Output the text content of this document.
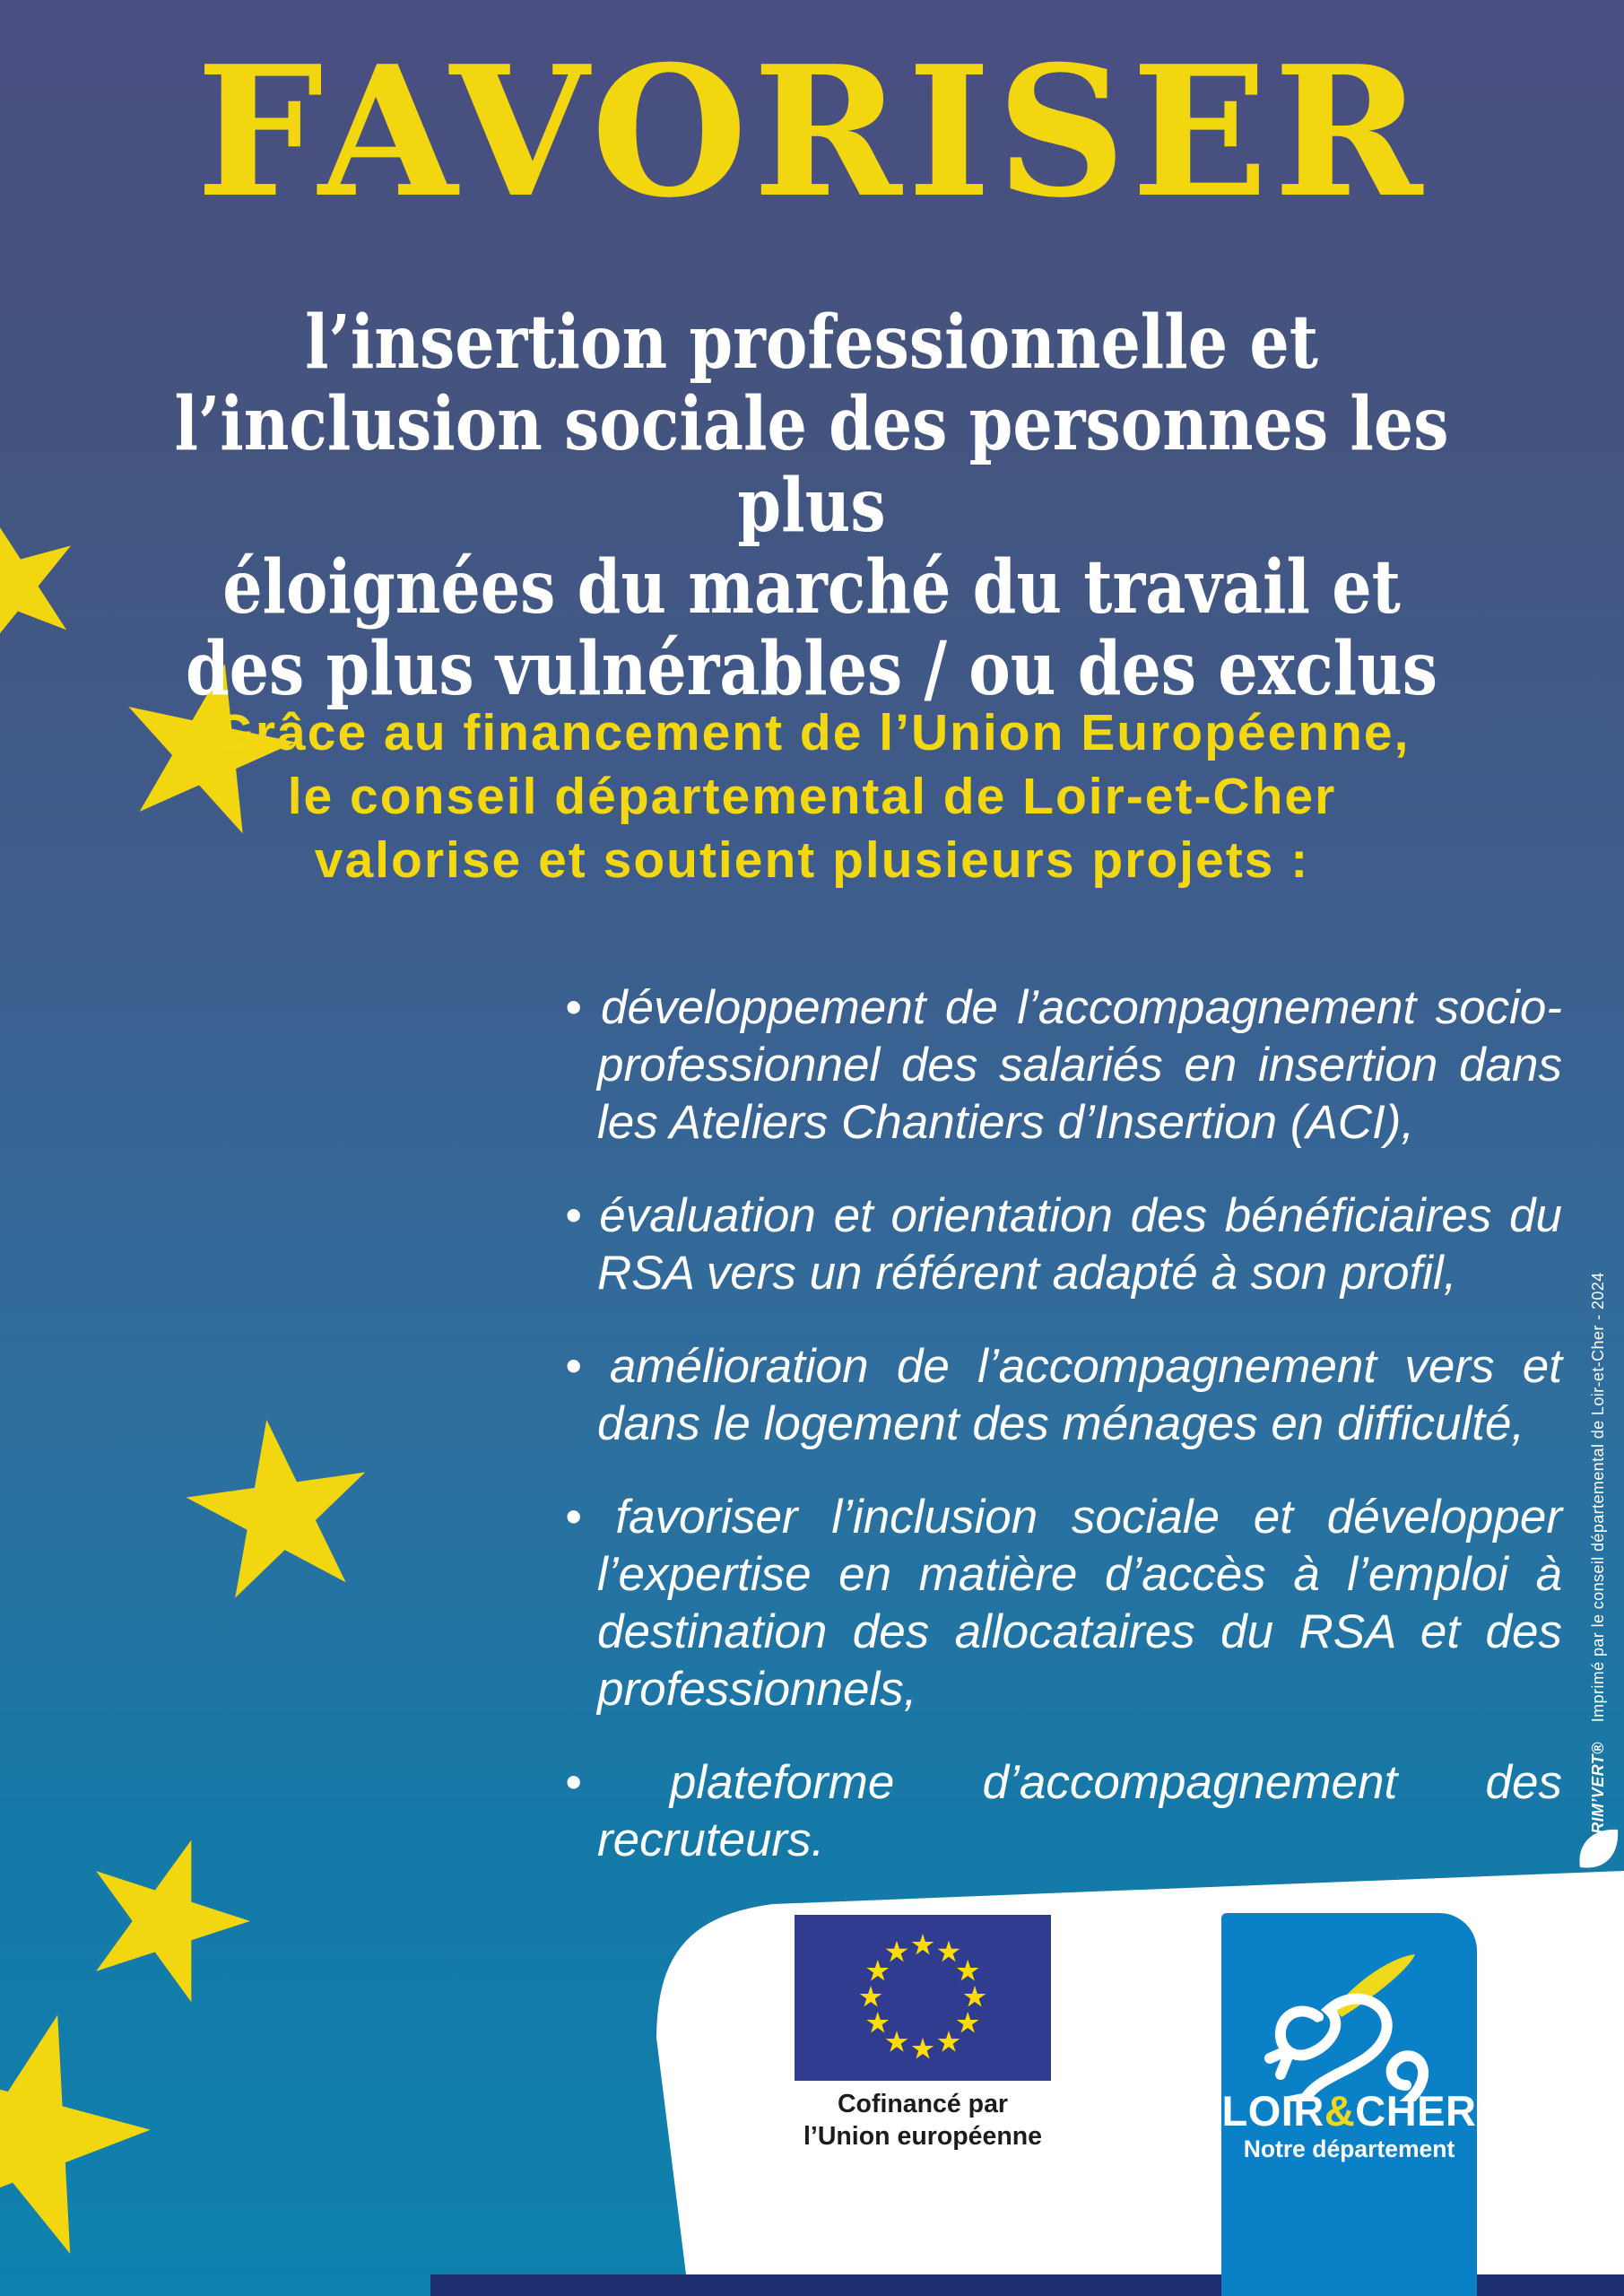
FAVORISER
l’insertion professionnelle et
l’inclusion sociale des personnes les plus
éloignées du marché du travail et
des plus vulnérables / ou des exclus
Grâce au financement de l’Union Européenne,
le conseil départemental de Loir-et-Cher
valorise et soutient plusieurs projets :
• développement de l’accompagnement socio-professionnel des salariés en insertion dans les Ateliers Chantiers d’Insertion (ACI),
• évaluation et orientation des bénéficiaires du RSA vers un référent adapté à son profil,
• amélioration de l’accompagnement vers et dans le logement des ménages en difficulté,
• favoriser l’inclusion sociale et développer l’expertise en matière d’accès à l’emploi à destination des allocataires du RSA et des professionnels,
• plateforme d’accompagnement des recruteurs.	IMPRIM’VERT®Imprimé par le conseil départemental de Loir-et-Cher - 2024
Cofinancé par
l’Union européenne
LOIR&CHER
Notre département
